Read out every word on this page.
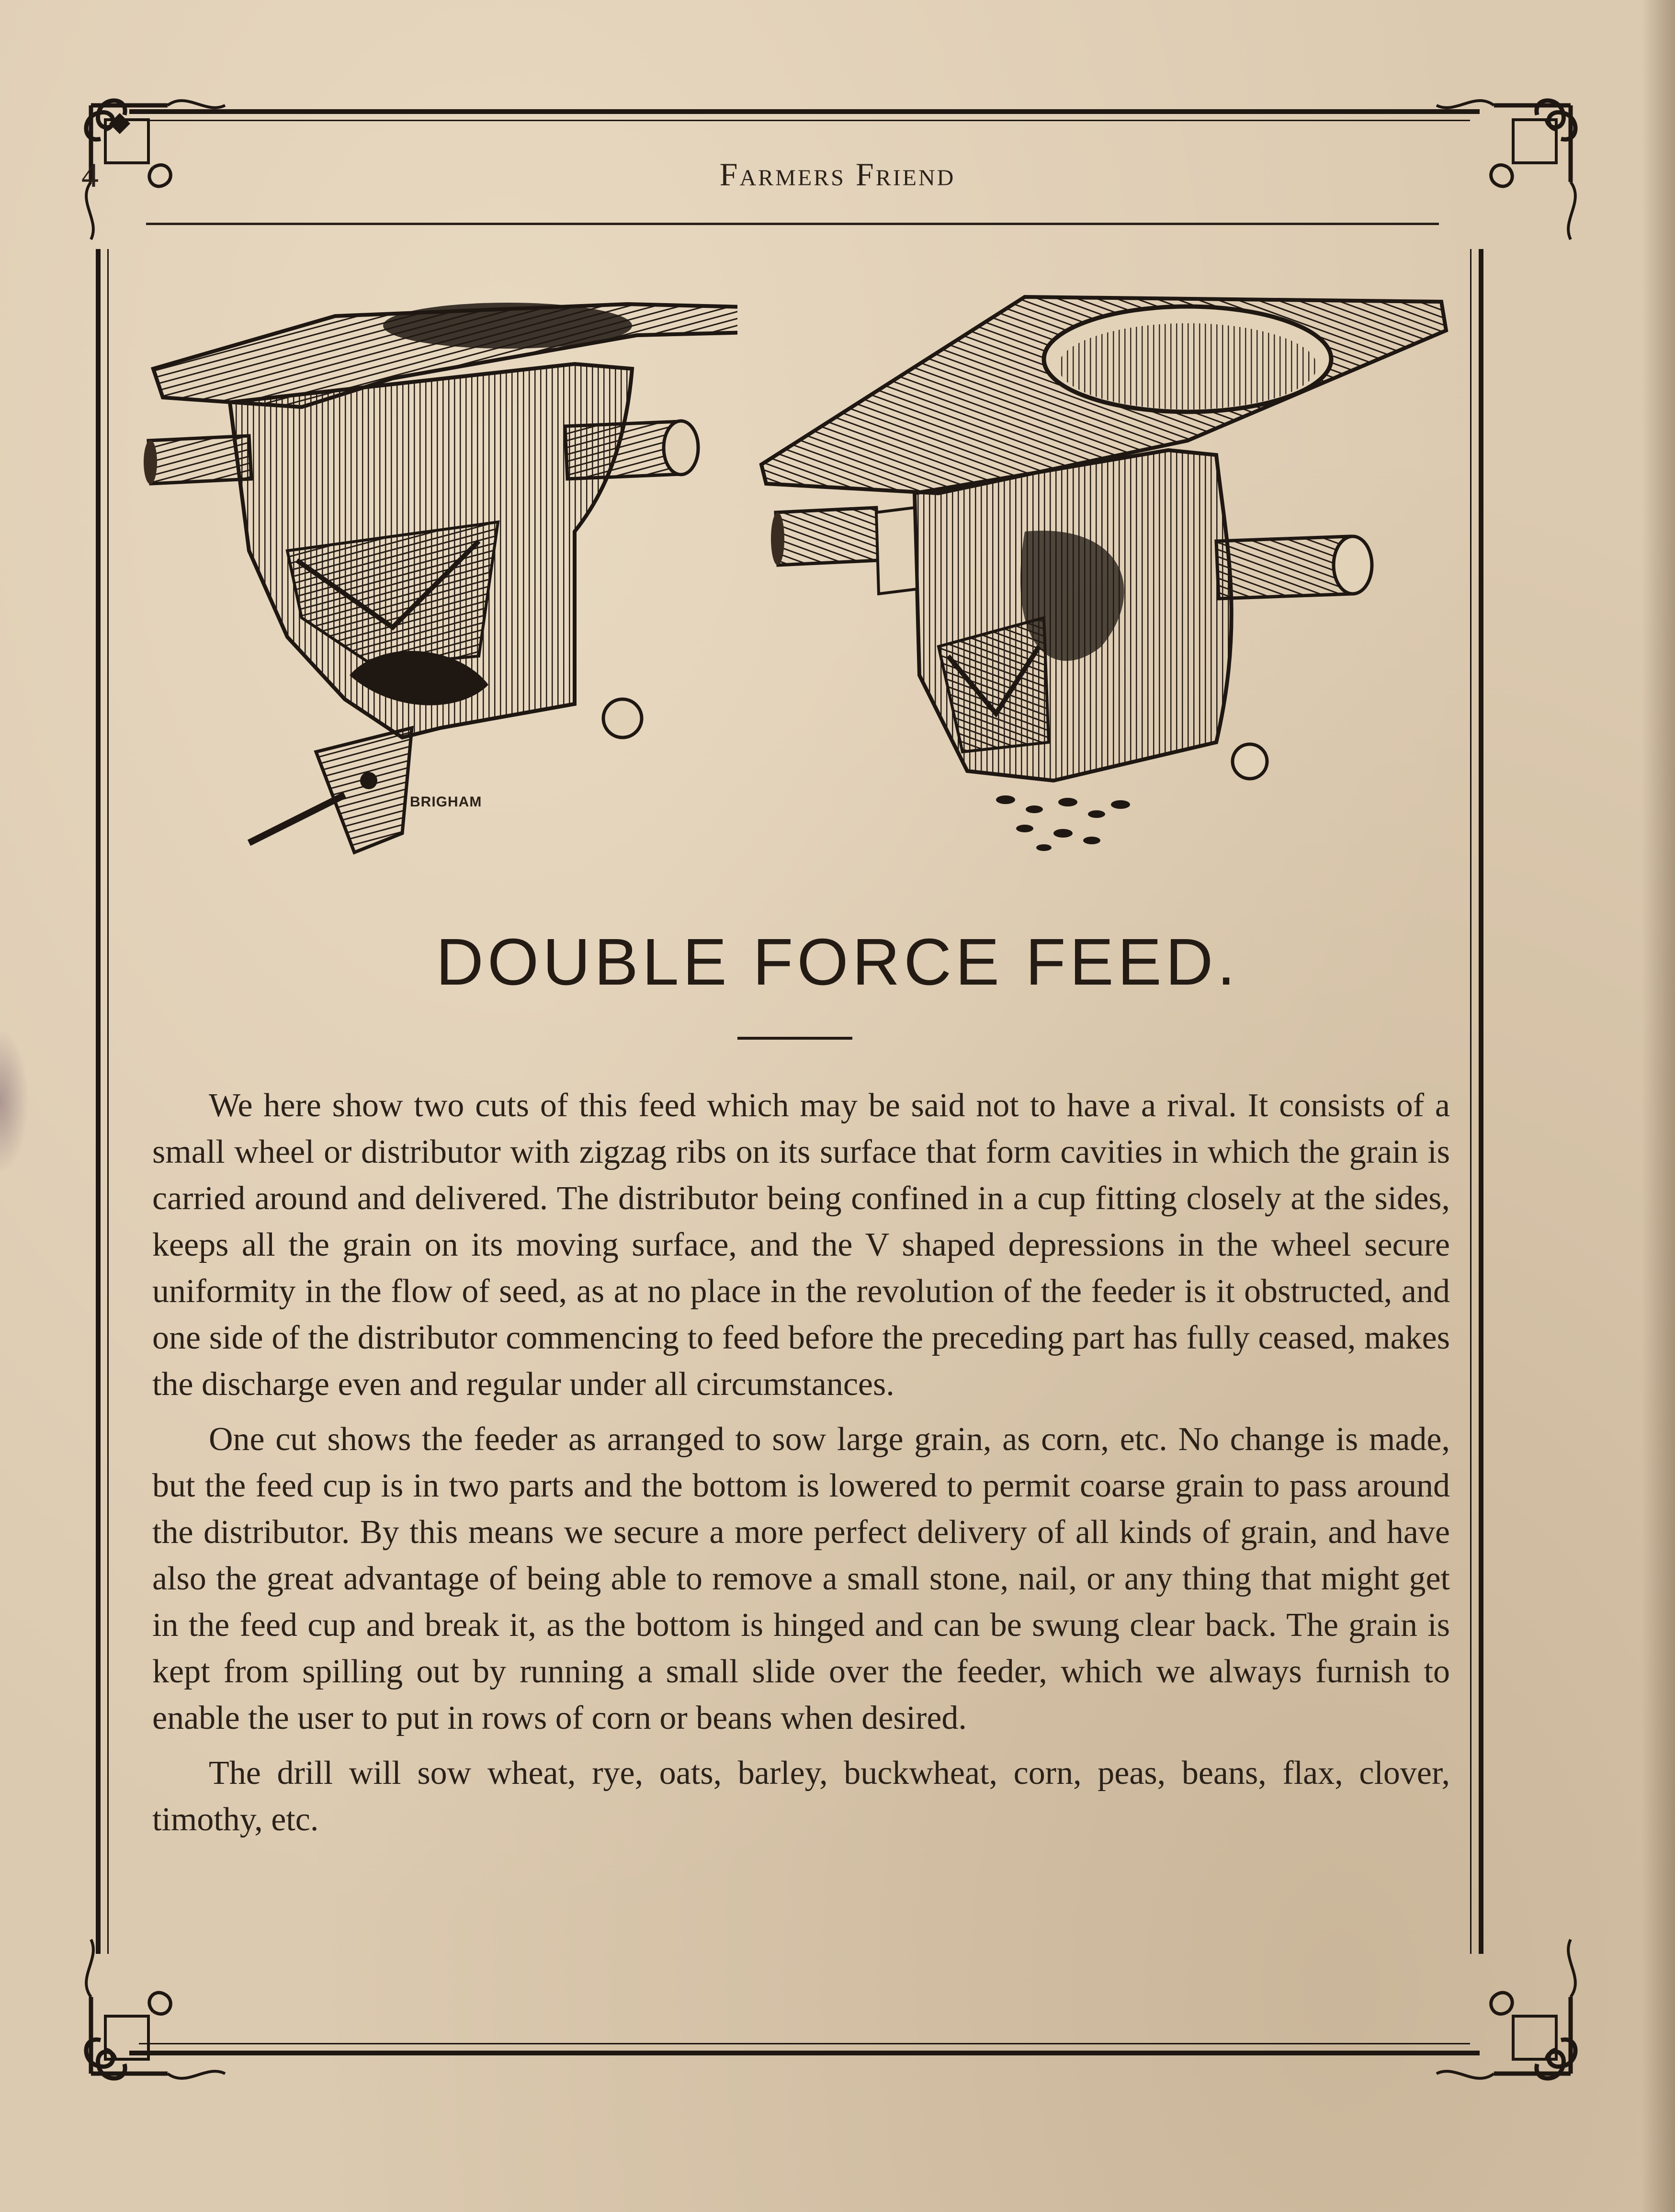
4	Farmers Friend
BRIGHAM
DOUBLE FORCE FEED.

We here show two cuts of this feed which may be said not to have a rival. It consists of a small wheel or distributor with zigzag ribs on its surface that form cavities in which the grain is carried around and delivered. The distributor being confined in a cup fitting closely at the sides, keeps all the grain on its moving surface, and the V shaped depressions in the wheel secure uniformity in the flow of seed, as at no place in the revolution of the feeder is it obstructed, and one side of the distributor commencing to feed before the preceding part has fully ceased, makes the discharge even and regular under all circumstances.

One cut shows the feeder as arranged to sow large grain, as corn, etc. No change is made, but the feed cup is in two parts and the bottom is lowered to permit coarse grain to pass around the distributor. By this means we secure a more perfect delivery of all kinds of grain, and have also the great advantage of being able to remove a small stone, nail, or any thing that might get in the feed cup and break it, as the bottom is hinged and can be swung clear back. The grain is kept from spilling out by running a small slide over the feeder, which we always furnish to enable the user to put in rows of corn or beans when desired.

The drill will sow wheat, rye, oats, barley, buckwheat, corn, peas, beans, flax, clover, timothy, etc.
